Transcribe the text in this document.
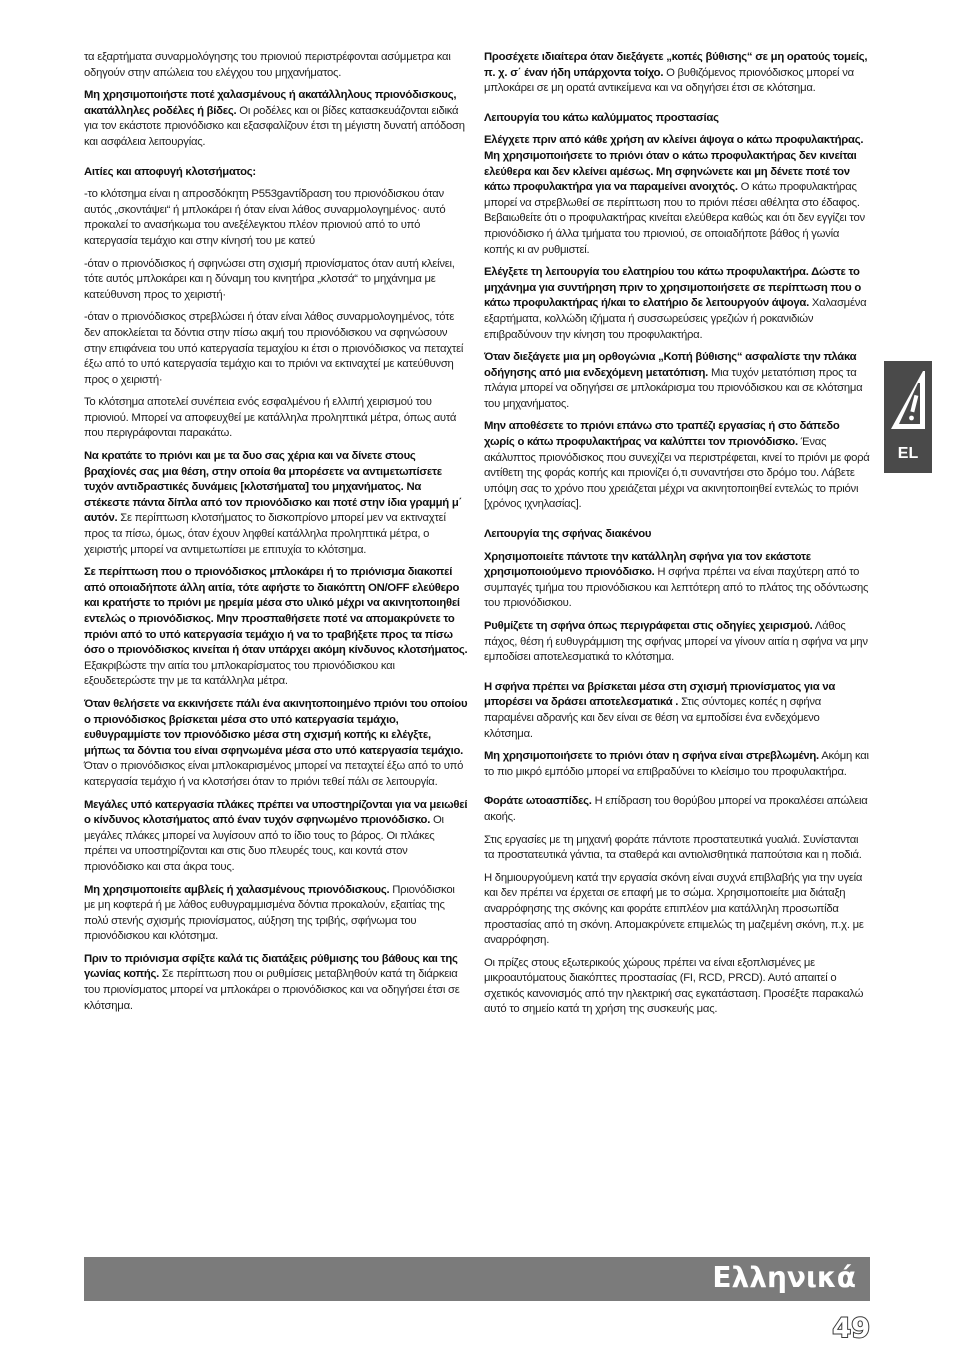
τα εξαρτήματα συναρμολόγησης του πριονιού περιστρέφονται ασύμμετρα και οδηγούν στην απώλεια του ελέγχου του μηχανήματος.

Μη χρησιμοποιήστε ποτέ χαλασμένους ή ακατάλληλους πριονόδισκους, ακατάλληλες ροδέλες ή βίδες. Οι ροδέλες και οι βίδες κατασκευάζονται ειδικά για τον εκάστοτε πριονόδισκο και εξασφαλίζουν έτσι τη μέγιστη δυνατή απόδοση και ασφάλεια λειτουργίας.

Αιτίες και αποφυγή κλοτσήματος:

-το κλότσημα είναι η απροσδόκητη P553gavτίδραση του πριονόδισκου όταν αυτός „σκοντάψει“ ή μπλοκάρει ή όταν είναι λάθος συναρμολογημένος· αυτό προκαλεί το ανασήκωμα του ανεξέλεγκτου πλέον πριονιού από το υπό κατεργασία τεμάχιο και στην κίνησή του με κατεύ

-όταν ο πριονόδισκος ή σφηνώσει στη σχισμή πριονίσματος όταν αυτή κλείνει, τότε αυτός μπλοκάρει και η δύναμη του κινητήρα „κλοτσά“ το μηχάνημα με κατεύθυνση προς το χειριστή·

-όταν ο πριονόδισκος στρεβλώσει ή όταν είναι λάθος συναρμολογημένος, τότε δεν αποκλείεται τα δόντια στην πίσω ακμή του πριονόδισκου να σφηνώσουν στην επιφάνεια του υπό κατεργασία τεμαχίου κι έτσι ο πριονόδισκος να πεταχτεί έξω από το υπό κατεργασία τεμάχιο και το πριόνι να εκτιναχτεί με κατεύθυνση προς ο χειριστή·

Το κλότσημα αποτελεί συνέπεια ενός εσφαλμένου ή ελλιπή χειρισμού του πριονιού. Μπορεί να αποφευχθεί με κατάλληλα προληπτικά μέτρα, όπως αυτά που περιγράφονται παρακάτω.

Να κρατάτε το πριόνι και με τα δυο σας χέρια και να δίνετε στους βραχίονές σας μια θέση, στην οποία θα μπορέσετε να αντιμετωπίσετε τυχόν αντιδραστικές δυνάμεις [κλοτσήματα] του μηχανήματος. Να στέκεστε πάντα δίπλα από τον πριονόδισκο και ποτέ στην ίδια γραμμή μ΄ αυτόν. Σε περίπτωση κλοτσήματος το δισκοπρίονο μπορεί μεν να εκτιναχτεί προς τα πίσω, όμως, όταν έχουν ληφθεί κατάλληλα προληπτικά μέτρα, ο χειριστής μπορεί να αντιμετωπίσει με επιτυχία το κλότσημα.

Σε περίπτωση που ο πριονόδισκος μπλοκάρει ή το πριόνισμα διακοπεί από οποιαδήποτε άλλη αιτία, τότε αφήστε το διακόπτη ON/OFF ελεύθερο και κρατήστε το πριόνι με ηρεμία μέσα στο υλικό μέχρι να ακινητοποιηθεί εντελώς ο πριονόδισκος. Μην προσπαθήσετε ποτέ να απομακρύνετε το πριόνι από το υπό κατεργασία τεμάχιο ή να το τραβήξετε προς τα πίσω όσο ο πριονόδισκος κινείται ή όταν υπάρχει ακόμη κίνδυνος κλοτσήματος. Εξακριβώστε την αιτία του μπλοκαρίσματος του πριονόδισκου και εξουδετερώστε την με τα κατάλληλα μέτρα.

Όταν θελήσετε να εκκινήσετε πάλι ένα ακινητοποιημένο πριόνι του οποίου ο πριονόδισκος βρίσκεται μέσα στο υπό κατεργασία τεμάχιο, ευθυγραμμίστε τον πριονόδισκο μέσα στη σχισμή κοπής κι ελέγξτε, μήπως τα δόντια του είναι σφηνωμένα μέσα στο υπό κατεργασία τεμάχιο. Όταν ο πριονόδισκος είναι μπλοκαρισμένος μπορεί να πεταχτεί έξω από το υπό κατεργασία τεμάχιο ή να κλοτσήσει όταν το πριόνι τεθεί πάλι σε λειτουργία.

Μεγάλες υπό κατεργασία πλάκες πρέπει να υποστηρίζονται για να μειωθεί ο κίνδυνος κλοτσήματος από έναν τυχόν σφηνωμένο πριονόδισκο. Οι μεγάλες πλάκες μπορεί να λυγίσουν από το ίδιο τους το βάρος. Οι πλάκες πρέπει να υποστηρίζονται και στις δυο πλευρές τους, και κοντά στον πριονόδισκο και στα άκρα τους.

Μη χρησιμοποιείτε αμβλείς ή χαλασμένους πριονόδισκους. Πριονόδισκοι με μη κοφτερά ή με λάθος ευθυγραμμισμένα δόντια προκαλούν, εξαιτίας της πολύ στενής σχισμής πριονίσματος, αύξηση της τριβής, σφήνωμα του πριονόδισκου και κλότσημα.

Πριν το πριόνισμα σφίξτε καλά τις διατάξεις ρύθμισης του βάθους και της γωνίας κοπής. Σε περίπτωση που οι ρυθμίσεις μεταβληθούν κατά τη διάρκεια του πριονίσματος μπορεί να μπλοκάρει ο πριονόδισκος και να οδηγήσει έτσι σε κλότσημα.

Προσέχετε ιδιαίτερα όταν διεξάγετε „κοπές βύθισης“ σε μη ορατούς τομείς, π. χ. σ΄ έναν ήδη υπάρχοντα τοίχο. Ο βυθιζόμενος πριονόδισκος μπορεί να μπλοκάρει σε μη ορατά αντικείμενα και να οδηγήσει έτσι σε κλότσημα.

Λειτουργία του κάτω καλύμματος προστασίας

Ελέγχετε πριν από κάθε χρήση αν κλείνει άψογα ο κάτω προφυλακτήρας. Μη χρησιμοποιήσετε το πριόνι όταν ο κάτω προφυλακτήρας δεν κινείται ελεύθερα και δεν κλείνει αμέσως. Μη σφηνώνετε και μη δένετε ποτέ τον κάτω προφυλακτήρα για να παραμείνει ανοιχτός. Ο κάτω προφυλακτήρας μπορεί να στρεβλωθεί σε περίπτωση που το πριόνι πέσει αθέλητα στο έδαφος. Βεβαιωθείτε ότι ο προφυλακτήρας κινείται ελεύθερα καθώς και ότι δεν εγγίζει τον πριονόδισκο ή άλλα τμήματα του πριονιού, σε οποιαδήποτε βάθος ή γωνία κοπής κι αν ρυθμιστεί.

Ελέγξετε τη λειτουργία του ελατηρίου του κάτω προφυλακτήρα. Δώστε το μηχάνημα για συντήρηση πριν το χρησιμοποιήσετε σε περίπτωση που ο κάτω προφυλακτήρας ή/και το ελατήριο δε λειτουργούν άψογα. Χαλασμένα εξαρτήματα, κολλώδη ιζήματα ή συσσωρεύσεις γρεζιών ή ροκανιδιών επιβραδύνουν την κίνηση του προφυλακτήρα.

Όταν διεξάγετε μια μη ορθογώνια „Κοπή βύθισης“ ασφαλίστε την πλάκα οδήγησης από μια ενδεχόμενη μετατόπιση. Μια τυχόν μετατόπιση προς τα πλάγια μπορεί να οδηγήσει σε μπλοκάρισμα του πριονόδισκου και σε κλότσημα του μηχανήματος.

Μην αποθέσετε το πριόνι επάνω στο τραπέζι εργασίας ή στο δάπεδο χωρίς ο κάτω προφυλακτήρας να καλύπτει τον πριονόδισκο. Ένας ακάλυπτος πριονόδισκος που συνεχίζει να περιστρέφεται, κινεί το πριόνι με φορά αντίθετη της φοράς κοπής και πριονίζει ό,τι συναντήσει στο δρόμο του. Λάβετε υπόψη σας το χρόνο που χρειάζεται μέχρι να ακινητοποιηθεί εντελώς το πριόνι [χρόνος ιχνηλασίας].

Λειτουργία της σφήνας διακένου

Χρησιμοποιείτε πάντοτε την κατάλληλη σφήνα για τον εκάστοτε χρησιμοποιούμενο πριονόδισκο. Η σφήνα πρέπει να είναι παχύτερη από το συμπαγές τμήμα του πριονόδισκου και λεπτότερη από το πλάτος της οδόντωσης του πριονόδισκου.

Ρυθμίζετε τη σφήνα όπως περιγράφεται στις οδηγίες χειρισμού. Λάθος πάχος, θέση ή ευθυγράμμιση της σφήνας μπορεί να γίνουν αιτία η σφήνα να μην εμποδίσει αποτελεσματικά το κλότσημα.

Η σφήνα πρέπει να βρίσκεται μέσα στη σχισμή πριονίσματος για να μπορέσει να δράσει αποτελεσματικά . Στις σύντομες κοπές η σφήνα παραμένει αδρανής και δεν είναι σε θέση να εμποδίσει ένα ενδεχόμενο κλότσημα.

Μη χρησιμοποιήσετε το πριόνι όταν η σφήνα είναι στρεβλωμένη. Ακόμη και το πιο μικρό εμπόδιο μπορεί να επιβραδύνει το κλείσιμο του προφυλακτήρα.

Φοράτε ωτοασπίδες. Η επίδραση του θορύβου μπορεί να προκαλέσει απώλεια ακοής.

Στις εργασίες με τη μηχανή φοράτε πάντοτε προστατευτικά γυαλιά. Συνίστανται τα προστατευτικά γάντια, τα σταθερά και αντιολισθητικά παπούτσια και η ποδιά.

Η δημιουργούμενη κατά την εργασία σκόνη είναι συχνά επιβλαβής για την υγεία και δεν πρέπει να έρχεται σε επαφή με το σώμα. Χρησιμοποιείτε μια διάταξη αναρρόφησης της σκόνης και φοράτε επιπλέον μια κατάλληλη προσωπίδα προστασίας από τη σκόνη. Απομακρύνετε επιμελώς τη μαζεμένη σκόνη, π.χ. με αναρρόφηση.

Οι πρίζες στους εξωτερικούς χώρους πρέπει να είναι εξοπλισμένες με μικροαυτόματους διακόπτες προστασίας (FI, RCD, PRCD). Αυτό απαιτεί ο σχετικός κανονισμός από την ηλεκτρική σας εγκατάσταση. Προσέξτε παρακαλώ αυτό το σημείο κατά τη χρήση της συσκευής μας.

EL
Ελληνικά
49
